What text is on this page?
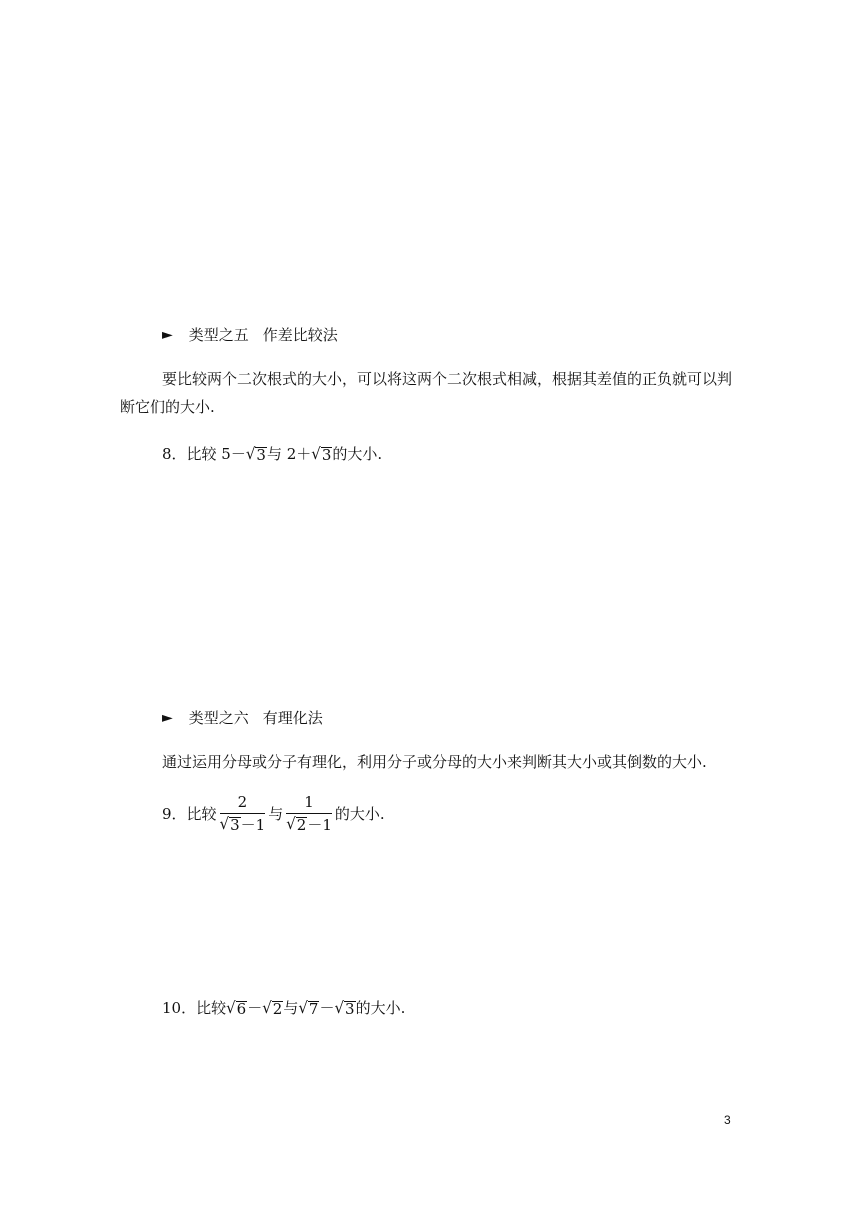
► 类型之五 作差比较法
要比较两个二次根式的大小，可以将这两个二次根式相减，根据其差值的正负就可以判
断它们的大小.
8．比较 5－ √ 3 与 2＋ √ 3 的大小.
► 类型之六 有理化法
通过运用分母或分子有理化，利用分子或分母的大小来判断其大小或其倒数的大小.
9．比较 $\frac{2}{√ 3 -1}$ 与 $\frac{1}{√ 2 -1}$ 的大小.
10．比较 √ 6 － √ 2 与 √ 7 － √ 3 的大小.
3
